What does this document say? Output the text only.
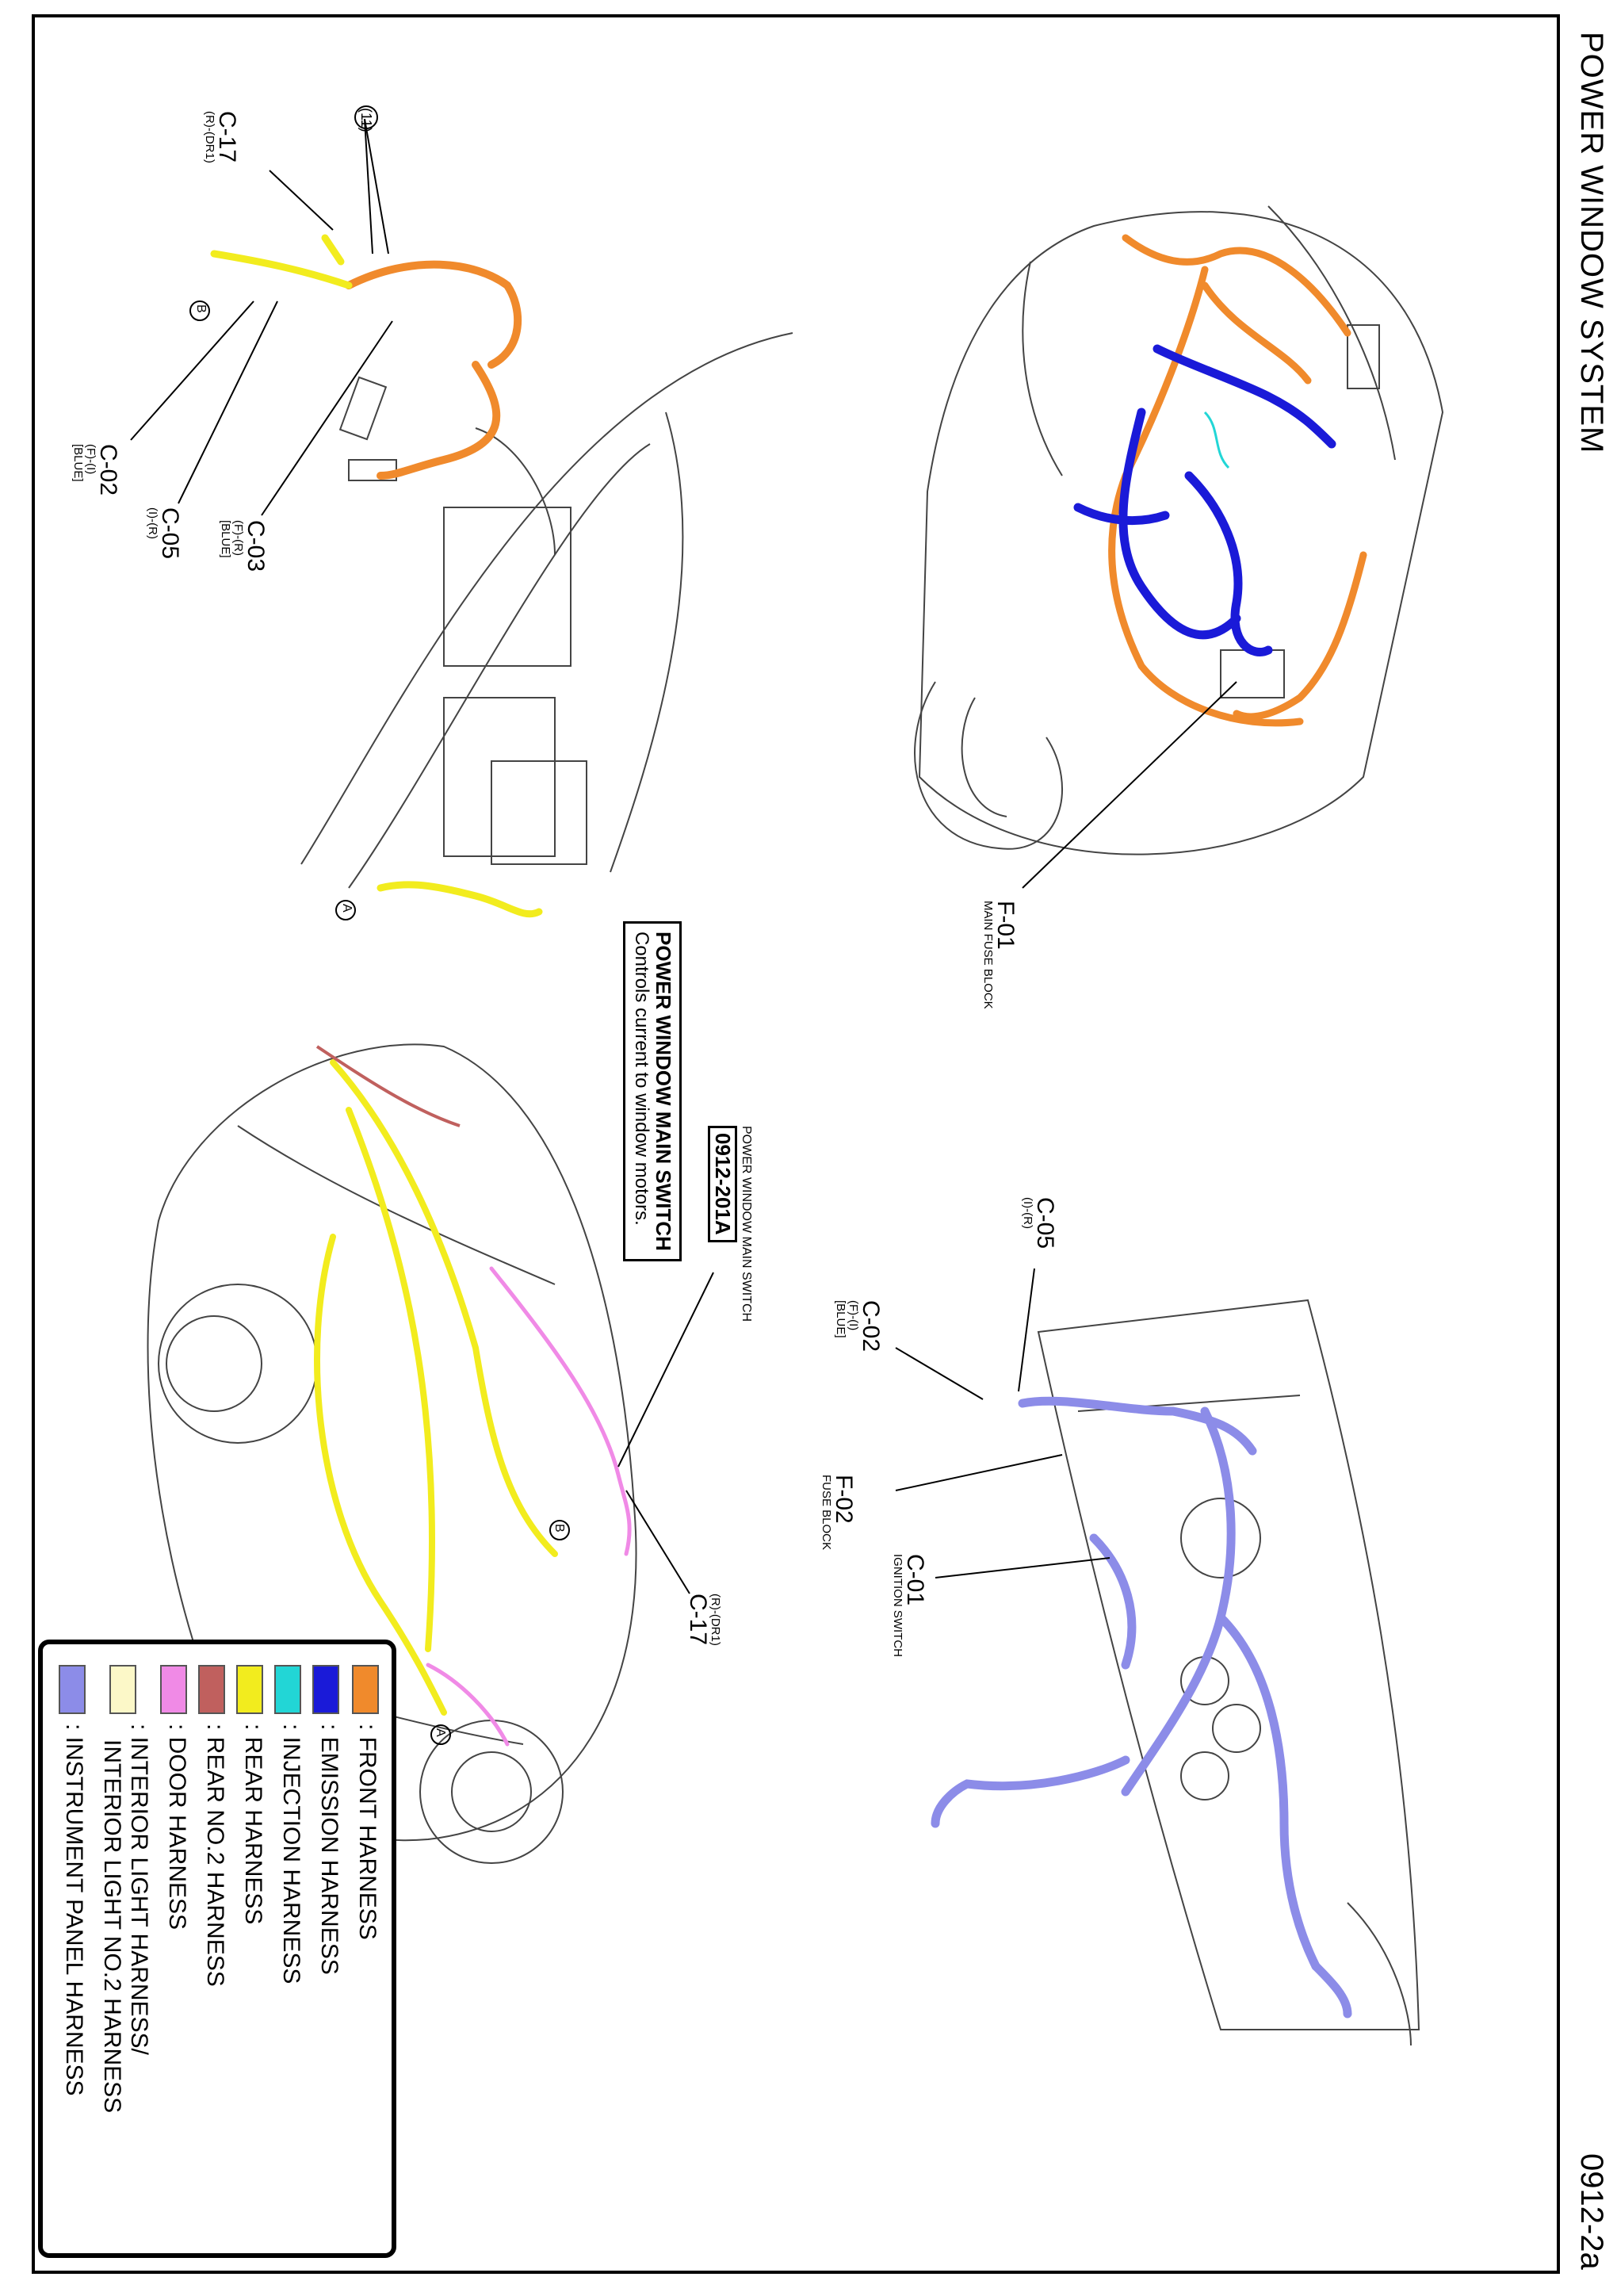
POWER WINDOW SYSTEM
0912-2a
F-01
MAIN FUSE BLOCK
C-17
(R)-(DR1)
C-02
(F)-(I)
[BLUE]
C-05
(I)-(R)	C-03
(F)-(R)
[BLUE]
(11)
B
A
C-05
(I)-(R)
C-02
(F)-(I)
[BLUE]
F-02
FUSE BLOCK
C-01
IGNITION SWITCH
(R)-(DR1)
C-17
A
B
POWER WINDOW MAIN SWITCH
0912-201A
POWER WINDOW MAIN SWITCH
Controls current to window motors.
: FRONT HARNESS
: EMISSION HARNESS
: INJECTION HARNESS
: REAR HARNESS
: REAR NO.2 HARNESS
: DOOR HARNESS
: INTERIOR LIGHT HARNESS/
INTERIOR LIGHT NO.2 HARNESS
: INSTRUMENT PANEL HARNESS
